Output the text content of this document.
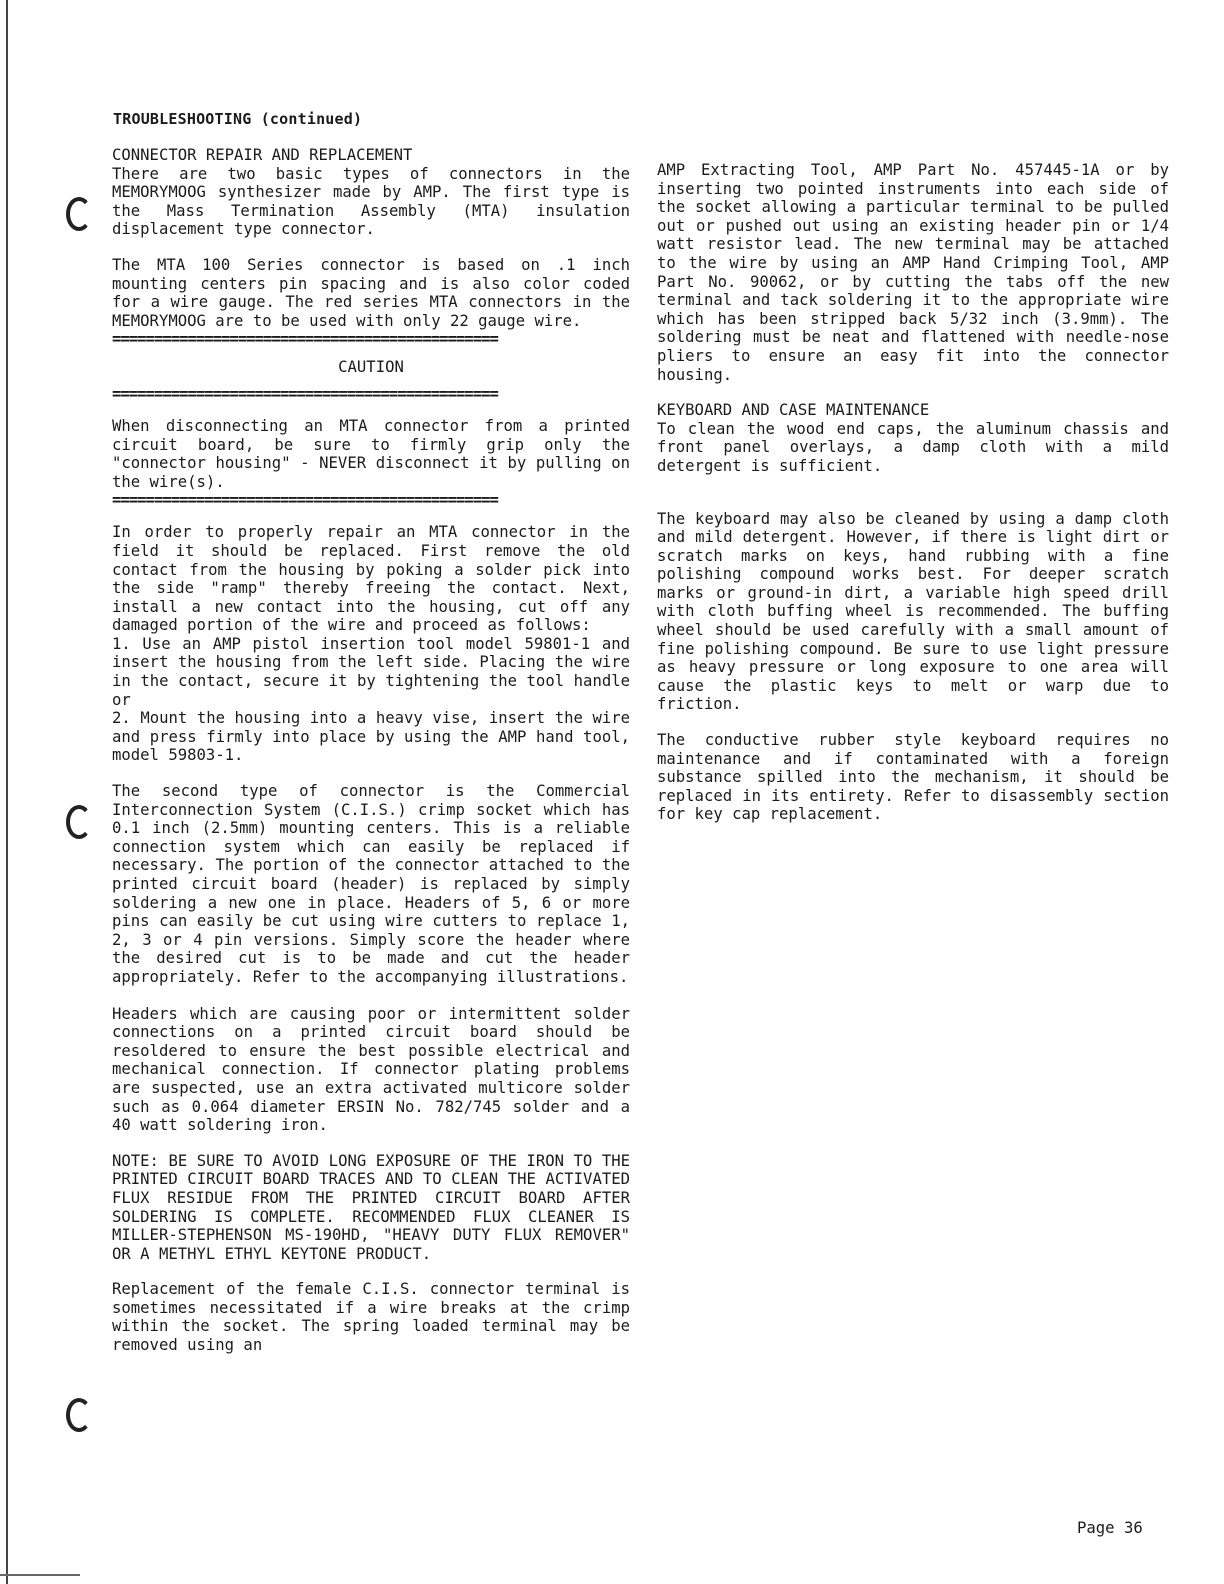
TROUBLESHOOTING (continued)
CONNECTOR REPAIR AND REPLACEMENT

There are two basic types of connectors in the MEMORYMOOG synthesizer made by AMP. The first type is the Mass Termination Assembly (MTA) insulation displacement type connector.

The MTA 100 Series connector is based on .1 inch mounting centers pin spacing and is also color coded for a wire gauge. The red series MTA connectors in the MEMORYMOOG are to be used with only 22 gauge wire.

==============================================
CAUTION
==============================================

When disconnecting an MTA connector from a printed circuit board, be sure to firmly grip only the "connector housing" - NEVER disconnect it by pulling on the wire(s).

==============================================

In order to properly repair an MTA connector in the field it should be replaced. First remove the old contact from the housing by poking a solder pick into the side "ramp" thereby freeing the contact. Next, install a new contact into the housing, cut off any damaged portion of the wire and proceed as follows:

1. Use an AMP pistol insertion tool model 59801-1 and insert the housing from the left side. Placing the wire in the contact, secure it by tightening the tool handle or

2. Mount the housing into a heavy vise, insert the wire and press firmly into place by using the AMP hand tool, model 59803-1.

The second type of connector is the Commercial Interconnection System (C.I.S.) crimp socket which has 0.1 inch (2.5mm) mounting centers. This is a reliable connection system which can easily be replaced if necessary. The portion of the connector attached to the printed circuit board (header) is replaced by simply soldering a new one in place. Headers of 5, 6 or more pins can easily be cut using wire cutters to replace 1, 2, 3 or 4 pin versions. Simply score the header where the desired cut is to be made and cut the header appropriately. Refer to the accompanying illustrations.

Headers which are causing poor or intermittent solder connections on a printed circuit board should be resoldered to ensure the best possible electrical and mechanical connection. If connector plating problems are suspected, use an extra activated multicore solder such as 0.064 diameter ERSIN No. 782/745 solder and a 40 watt soldering iron.

NOTE: BE SURE TO AVOID LONG EXPOSURE OF THE IRON TO THE PRINTED CIRCUIT BOARD TRACES AND TO CLEAN THE ACTIVATED FLUX RESIDUE FROM THE PRINTED CIRCUIT BOARD AFTER SOLDERING IS COMPLETE. RECOMMENDED FLUX CLEANER IS MILLER-STEPHENSON MS-190HD, "HEAVY DUTY FLUX REMOVER" OR A METHYL ETHYL KEYTONE PRODUCT.

Replacement of the female C.I.S. connector terminal is sometimes necessitated if a wire breaks at the crimp within the socket. The spring loaded terminal may be removed using an

AMP Extracting Tool, AMP Part No. 457445-1A or by inserting two pointed instruments into each side of the socket allowing a particular terminal to be pulled out or pushed out using an existing header pin or 1/4 watt resistor lead. The new terminal may be attached to the wire by using an AMP Hand Crimping Tool, AMP Part No. 90062, or by cutting the tabs off the new terminal and tack soldering it to the appropriate wire which has been stripped back 5/32 inch (3.9mm). The soldering must be neat and flattened with needle-nose pliers to ensure an easy fit into the connector housing.

KEYBOARD AND CASE MAINTENANCE

To clean the wood end caps, the aluminum chassis and front panel overlays, a damp cloth with a mild detergent is sufficient.

The keyboard may also be cleaned by using a damp cloth and mild detergent. However, if there is light dirt or scratch marks on keys, hand rubbing with a fine polishing compound works best. For deeper scratch marks or ground-in dirt, a variable high speed drill with cloth buffing wheel is recommended. The buffing wheel should be used carefully with a small amount of fine polishing compound. Be sure to use light pressure as heavy pressure or long exposure to one area will cause the plastic keys to melt or warp due to friction.

The conductive rubber style keyboard requires no maintenance and if contaminated with a foreign substance spilled into the mechanism, it should be replaced in its entirety. Refer to disassembly section for key cap replacement.

Page 36
